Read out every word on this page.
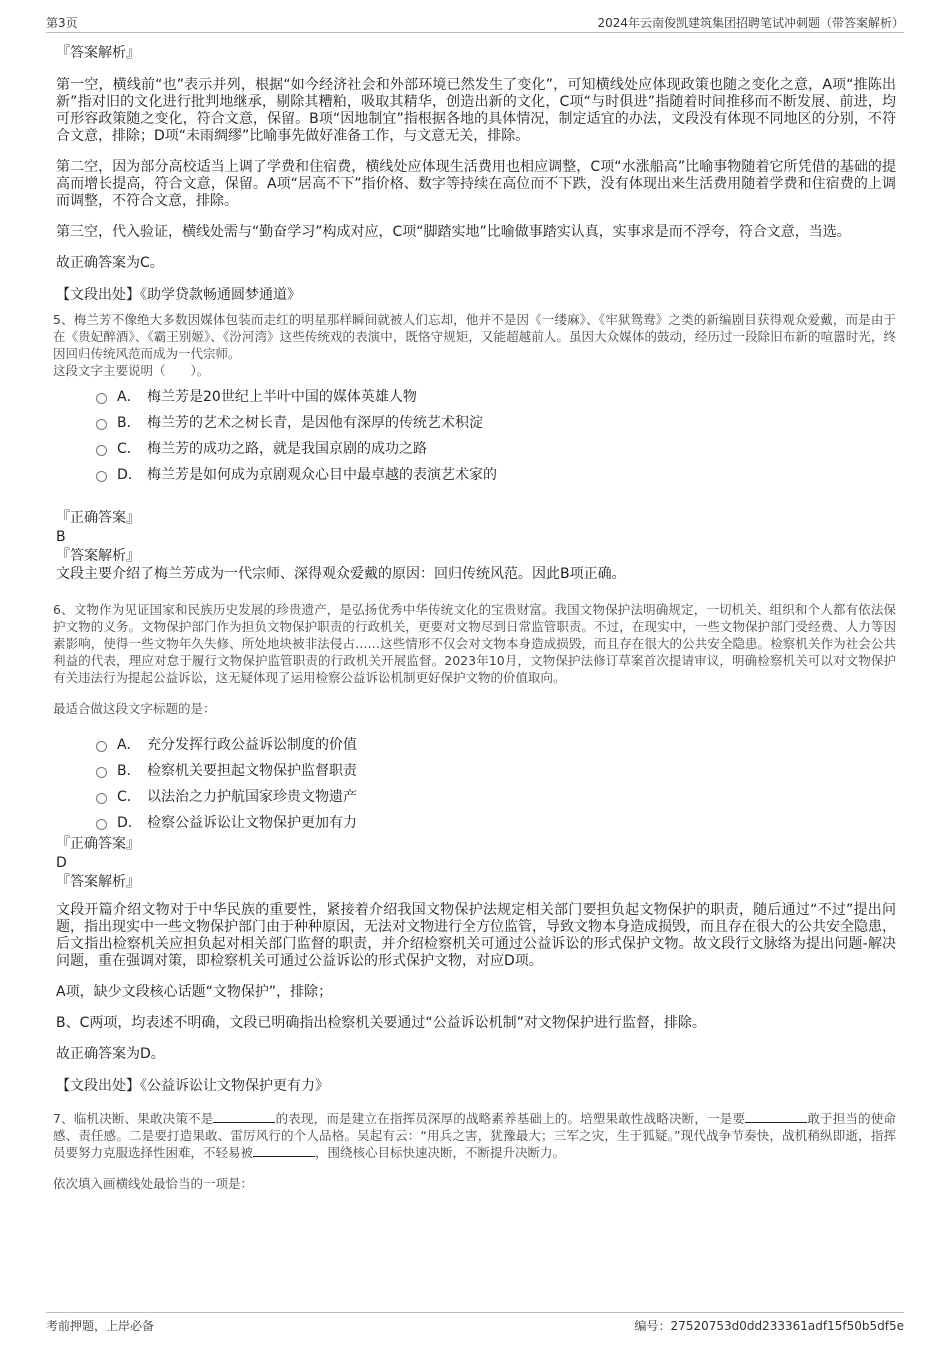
第3页	2024年云南俊凯建筑集团招聘笔试冲刺题（带答案解析）
『答案解析』

第一空，横线前“也”表示并列，根据“如今经济社会和外部环境已然发生了变化”，可知横线处应体现政策也随之变化之意，A项“推陈出新”指对旧的文化进行批判地继承，剔除其糟粕，吸取其精华，创造出新的文化，C项“与时俱进”指随着时间推移而不断发展、前进，均可形容政策随之变化，符合文意，保留。B项“因地制宜”指根据各地的具体情况，制定适宜的办法，文段没有体现不同地区的分别，不符合文意，排除；D项“未雨绸缪”比喻事先做好准备工作，与文意无关，排除。

第二空，因为部分高校适当上调了学费和住宿费，横线处应体现生活费用也相应调整，C项“水涨船高”比喻事物随着它所凭借的基础的提高而增长提高，符合文意，保留。A项“居高不下”指价格、数字等持续在高位而不下跌，没有体现出来生活费用随着学费和住宿费的上调而调整，不符合文意，排除。

第三空，代入验证，横线处需与“勤奋学习”构成对应，C项“脚踏实地”比喻做事踏实认真，实事求是而不浮夸，符合文意，当选。

故正确答案为C。

【文段出处】《助学贷款畅通圆梦通道》

5、梅兰芳不像绝大多数因媒体包装而走红的明星那样瞬间就被人们忘却，他并不是因《一缕麻》、《牢狱鸳鸯》之类的新编剧目获得观众爱戴，而是由于在《贵妃醉酒》、《霸王别姬》、《汾河湾》这些传统戏的表演中，既恪守规矩，又能超越前人。虽因大众媒体的鼓动，经历过一段除旧布新的喧嚣时光，终因回归传统风范而成为一代宗师。

这段文字主要说明（　　）。

A． 梅兰芳是20世纪上半叶中国的媒体英雄人物
B． 梅兰芳的艺术之树长青，是因他有深厚的传统艺术积淀
C． 梅兰芳的成功之路，就是我国京剧的成功之路
D． 梅兰芳是如何成为京剧观众心目中最卓越的表演艺术家的
『正确答案』
B
『答案解析』

文段主要介绍了梅兰芳成为一代宗师、深得观众爱戴的原因：回归传统风范。因此B项正确。

6、文物作为见证国家和民族历史发展的珍贵遗产，是弘扬优秀中华传统文化的宝贵财富。我国文物保护法明确规定，一切机关、组织和个人都有依法保护文物的义务。文物保护部门作为担负文物保护职责的行政机关，更要对文物尽到日常监管职责。不过，在现实中，一些文物保护部门受经费、人力等因素影响，使得一些文物年久失修、所处地块被非法侵占……这些情形不仅会对文物本身造成损毁，而且存在很大的公共安全隐患。检察机关作为社会公共利益的代表，理应对怠于履行文物保护监管职责的行政机关开展监督。2023年10月，文物保护法修订草案首次提请审议，明确检察机关可以对文物保护有关违法行为提起公益诉讼，这无疑体现了运用检察公益诉讼机制更好保护文物的价值取向。

最适合做这段文字标题的是：

A． 充分发挥行政公益诉讼制度的价值
B． 检察机关要担起文物保护监督职责
C． 以法治之力护航国家珍贵文物遗产
D． 检察公益诉讼让文物保护更加有力
『正确答案』
D
『答案解析』

文段开篇介绍文物对于中华民族的重要性，紧接着介绍我国文物保护法规定相关部门要担负起文物保护的职责，随后通过“不过”提出问题，指出现实中一些文物保护部门由于种种原因，无法对文物进行全方位监管，导致文物本身造成损毁，而且存在很大的公共安全隐患，后文指出检察机关应担负起对相关部门监督的职责，并介绍检察机关可通过公益诉讼的形式保护文物。故文段行文脉络为提出问题-解决问题，重在强调对策，即检察机关可通过公益诉讼的形式保护文物，对应D项。

A项，缺少文段核心话题“文物保护”，排除；

B、C两项，均表述不明确，文段已明确指出检察机关要通过“公益诉讼机制”对文物保护进行监督，排除。

故正确答案为D。

【文段出处】《公益诉讼让文物保护更有力》

7、临机决断、果敢决策不是	的表现，而是建立在指挥员深厚的战略素养基础上的。培塑果敢性战略决断，一是要	敢于担当的使命感、责任感。二是要打造果敢、雷厉风行的个人品格。吴起有云：“用兵之害，犹豫最大；三军之灾，生于狐疑。”现代战争节奏快，战机稍纵即逝，指挥员要努力克服选择性困难，不轻易被	，围绕核心目标快速决断，不断提升决断力。

依次填入画横线处最恰当的一项是：

考前押题，上岸必备	编号：27520753d0dd233361adf15f50b5df5e
